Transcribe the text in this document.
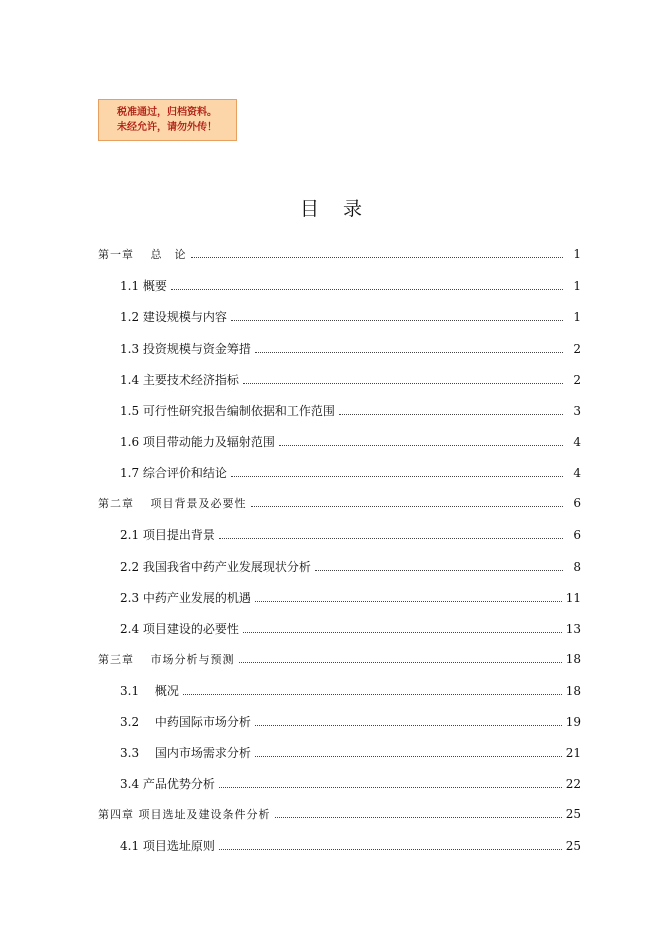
税准通过，归档资料。
未经允许，请勿外传！
目录
第一章　 总　论	1
1.1 概要	1
1.2 建设规模与内容	1
1.3 投资规模与资金筹措	2
1.4 主要技术经济指标	2
1.5 可行性研究报告编制依据和工作范围	3
1.6 项目带动能力及辐射范围	4
1.7 综合评价和结论	4
第二章　 项目背景及必要性	6
2.1 项目提出背景	6
2.2 我国我省中药产业发展现状分析	8
2.3 中药产业发展的机遇	11
2.4 项目建设的必要性	13
第三章　 市场分析与预测	18
3.1　 概况	18
3.2　 中药国际市场分析	19
3.3　 国内市场需求分析	21
3.4 产品优势分析	22
第四章 项目选址及建设条件分析	25
4.1 项目选址原则	25
